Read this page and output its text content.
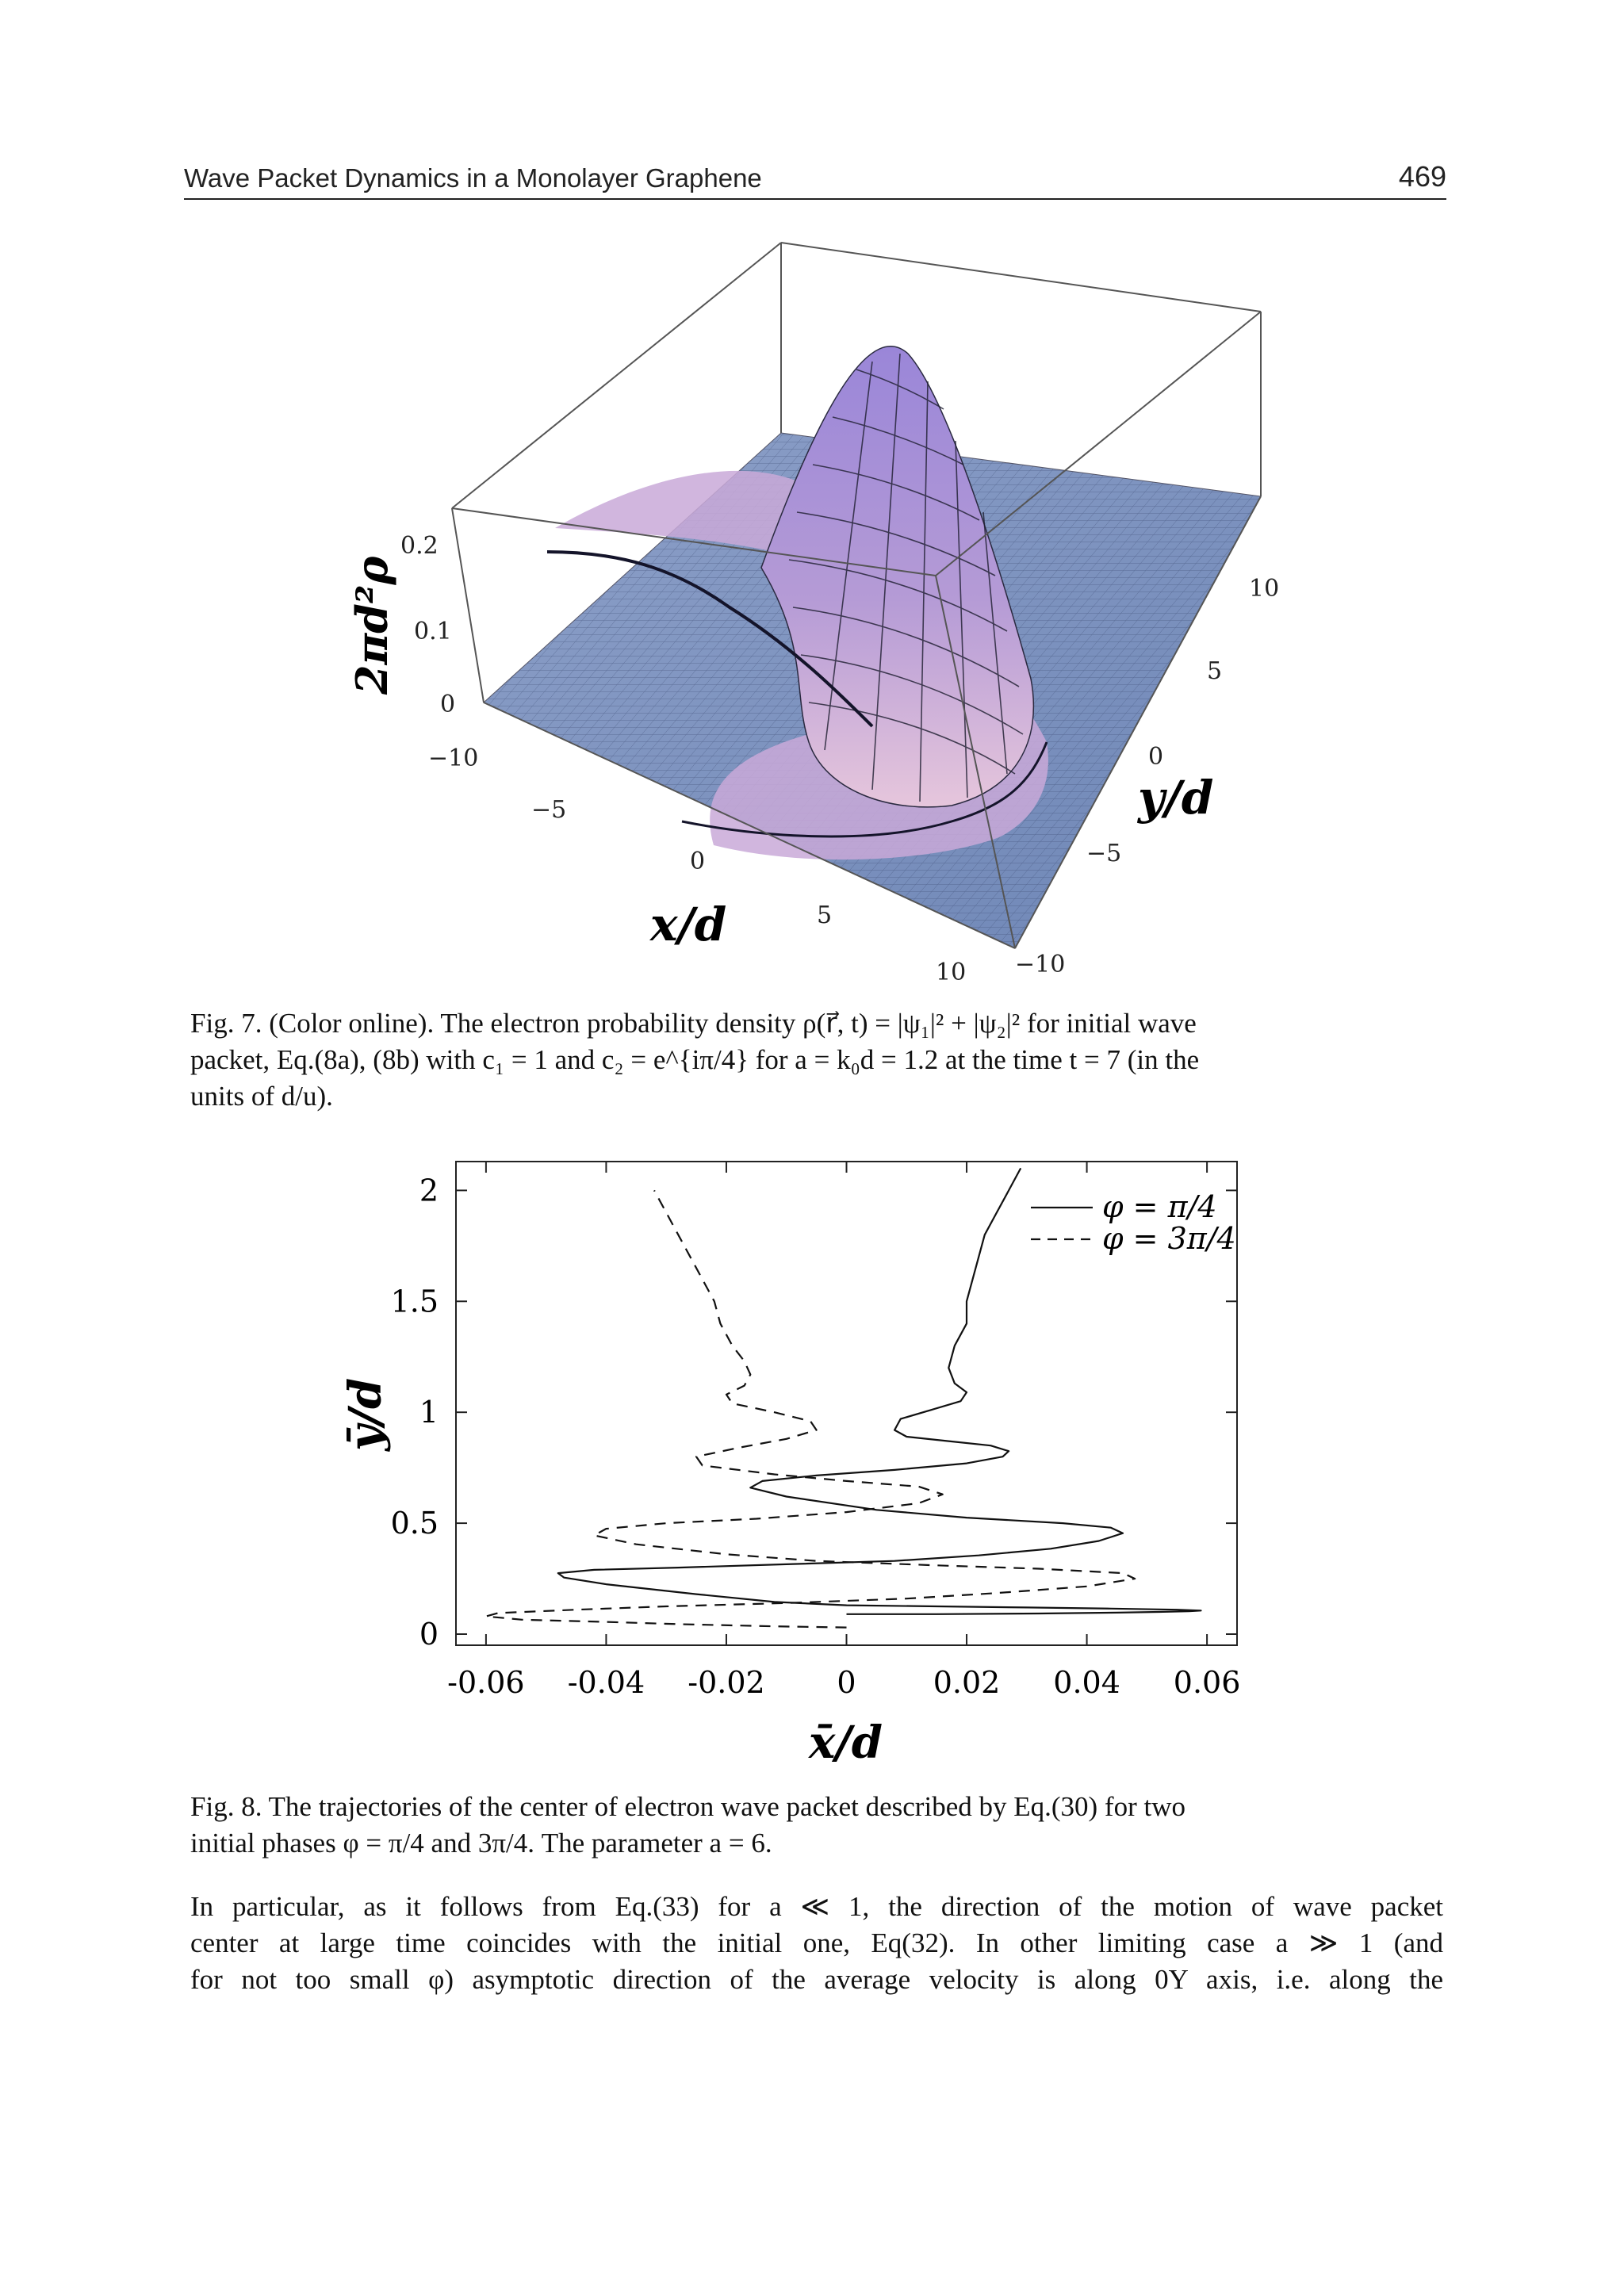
Wave Packet Dynamics in a Monolayer Graphene	469
0.2
0.1
0
2πd²ρ
−10
−5
0
5
10
x/d
10
5
0
−5
−10
y/d
Fig. 7. (Color online). The electron probability density ρ(r⃗, t) = |ψ₁|² + |ψ₂|² for initial wave
packet, Eq.(8a), (8b) with c₁ = 1 and c₂ = e^{iπ/4} for a = k₀d = 1.2 at the time t = 7 (in the
units of d/u).
-0.06 -0.04 -0.02 0	0.02 0.04 0.06
0
0.5
1
1.5
2	φ = π/4
φ = 3π/4
ȳ/d
x̄/d
Fig. 8. The trajectories of the center of electron wave packet described by Eq.(30) for two
initial phases φ = π/4 and 3π/4. The parameter a = 6.
In particular, as it follows from Eq.(33) for a ≪ 1, the direction of the motion of wave packet
center at large time coincides with the initial one, Eq(32). In other limiting case a ≫ 1 (and
for not too small φ) asymptotic direction of the average velocity is along 0Y axis, i.e. along the
